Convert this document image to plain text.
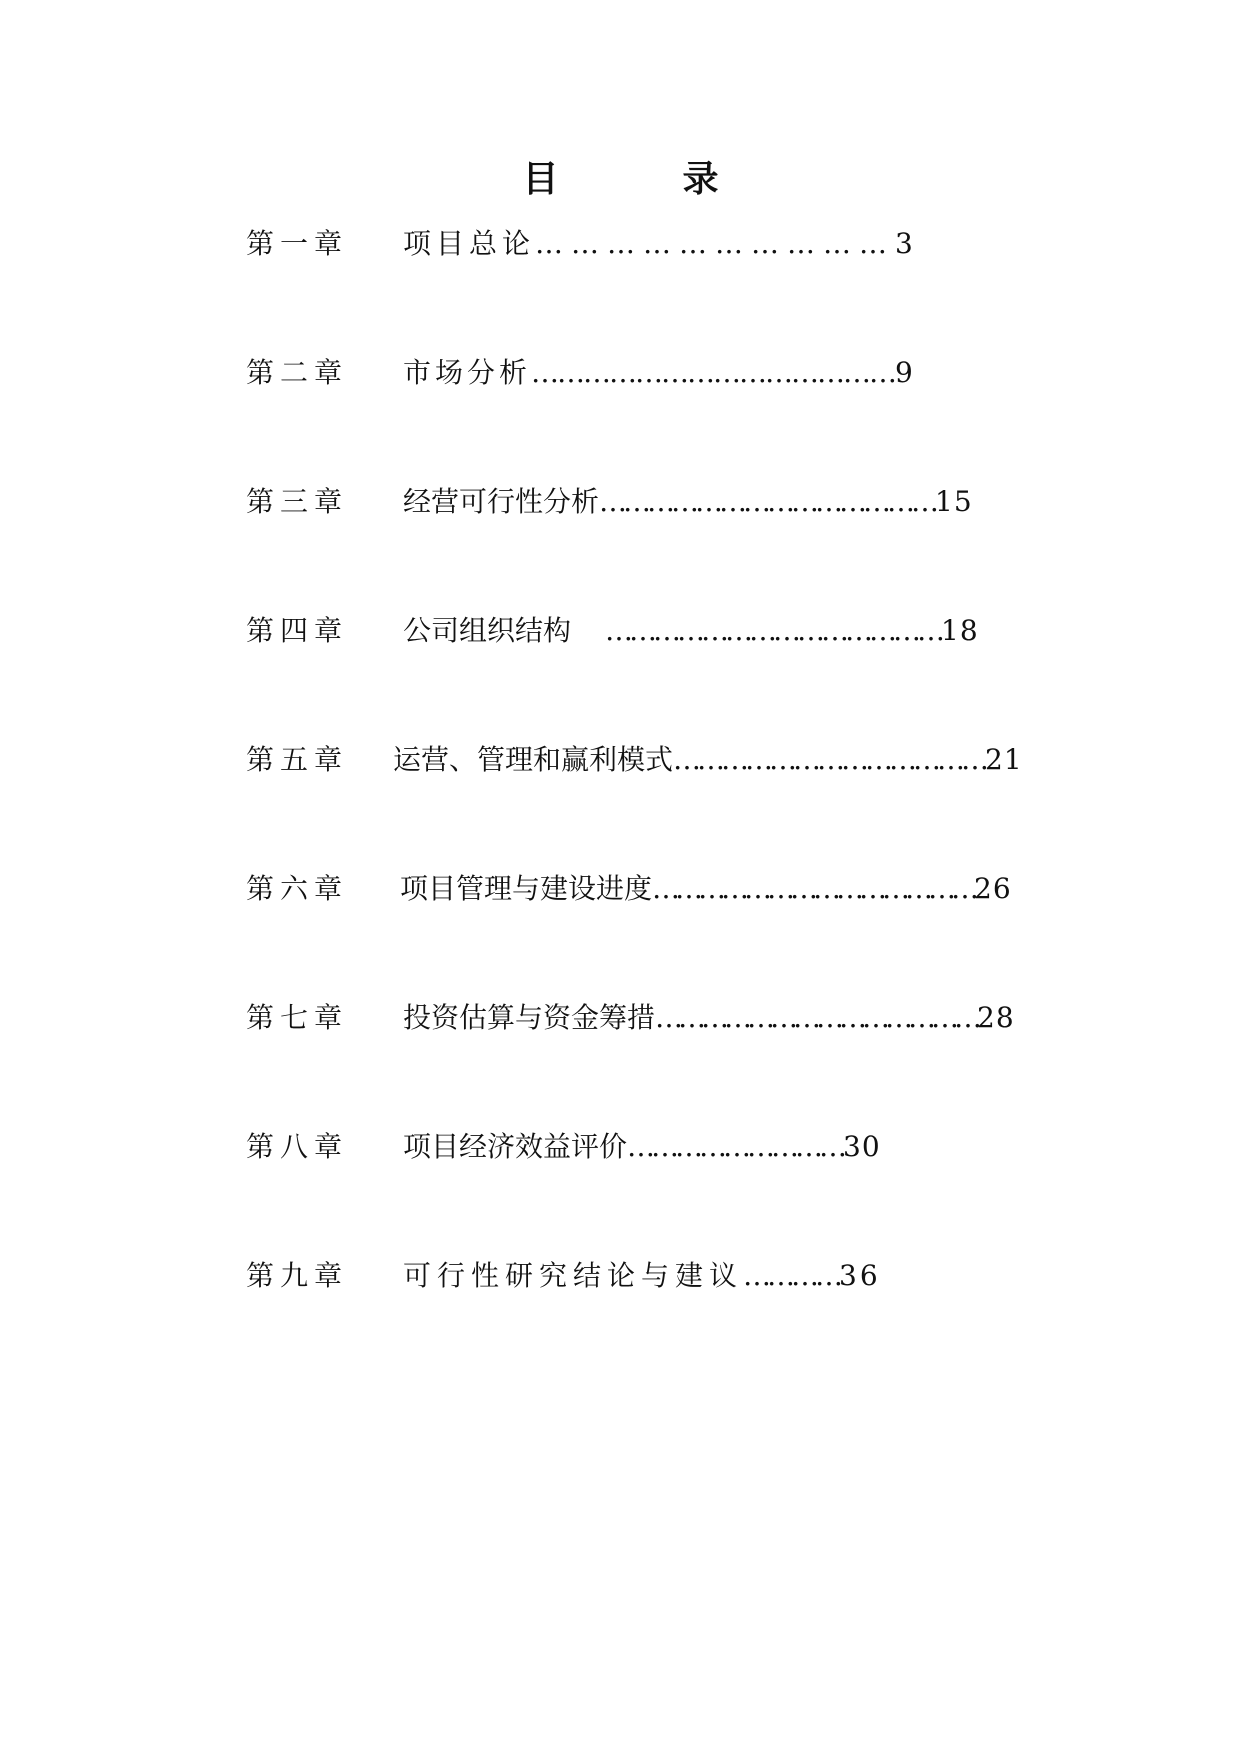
目　录
第一章 项目总论…………………………3
第二章 市场分析……………………………………9
第三章 经营可行性分析……………………………………15
第四章 公司组织结构 ……………………………………18
第五章 运营、管理和赢利模式…………………………………21
第六章 项目管理与建设进度……………………………………26
第七章 投资估算与资金筹措……………………………………28
第八章 项目经济效益评价………………………30
第九章 可行性研究结论与建议…………36
